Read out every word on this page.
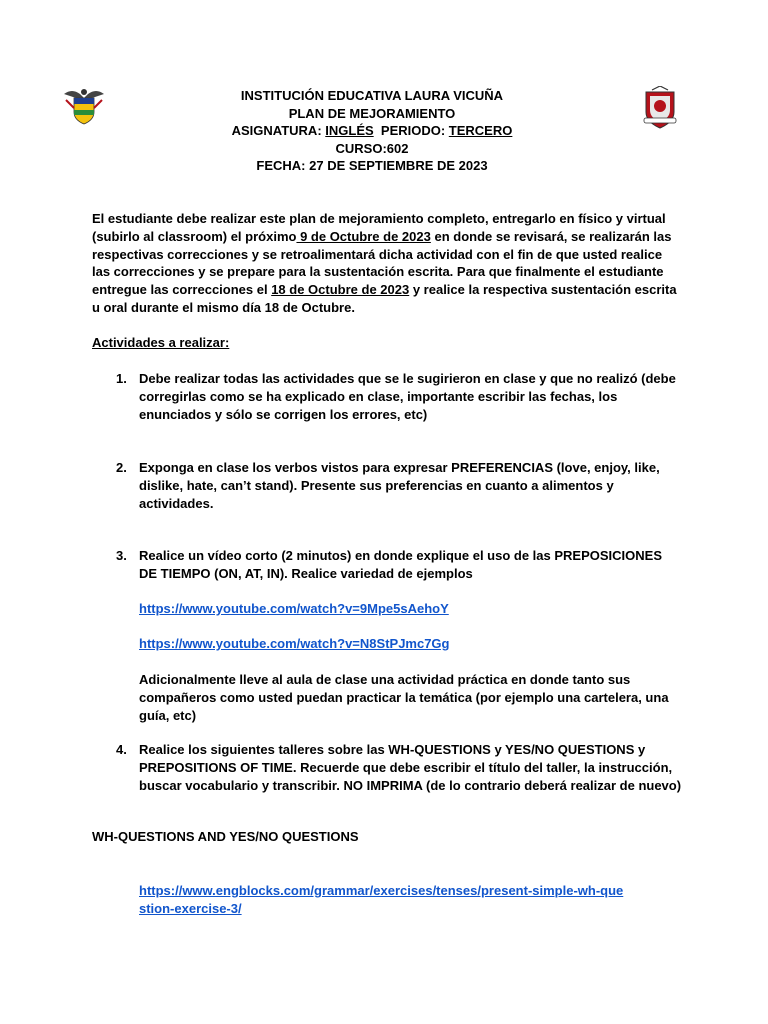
INSTITUCIÓN EDUCATIVA LAURA VICUÑA
PLAN DE MEJORAMIENTO
ASIGNATURA: INGLÉS  PERIODO: TERCERO
CURSO:602
FECHA: 27 DE SEPTIEMBRE DE 2023
El estudiante debe realizar este plan de mejoramiento completo, entregarlo en físico y virtual (subirlo al classroom) el próximo 9 de Octubre de 2023 en donde se revisará, se realizarán las respectivas correcciones y se retroalimentará dicha actividad con el fin de que usted realice las correcciones y se prepare para la sustentación escrita. Para que finalmente el estudiante entregue las correcciones el 18 de Octubre de 2023 y realice la respectiva sustentación escrita u oral durante el mismo día 18 de Octubre.
Actividades a realizar:
1. Debe realizar todas las actividades que se le sugirieron en clase y que no realizó (debe corregirlas como se ha explicado en clase, importante escribir las fechas, los enunciados y sólo se corrigen los errores, etc)
2. Exponga en clase los verbos vistos para expresar PREFERENCIAS (love, enjoy, like, dislike, hate, can’t stand). Presente sus preferencias en cuanto a alimentos y actividades.
3. Realice un vídeo corto (2 minutos) en donde explique el uso de las PREPOSICIONES DE TIEMPO (ON, AT, IN). Realice variedad de ejemplos
https://www.youtube.com/watch?v=9Mpe5sAehoY
https://www.youtube.com/watch?v=N8StPJmc7Gg
Adicionalmente lleve al aula de clase una actividad práctica en donde tanto sus compañeros como usted puedan practicar la temática (por ejemplo una cartelera, una guía, etc)
4. Realice los siguientes talleres sobre las WH-QUESTIONS y YES/NO QUESTIONS y PREPOSITIONS OF TIME. Recuerde que debe escribir el título del taller, la instrucción, buscar vocabulario y transcribir. NO IMPRIMA (de lo contrario deberá realizar de nuevo)
WH-QUESTIONS AND YES/NO QUESTIONS
https://www.engblocks.com/grammar/exercises/tenses/present-simple-wh-que
stion-exercise-3/
